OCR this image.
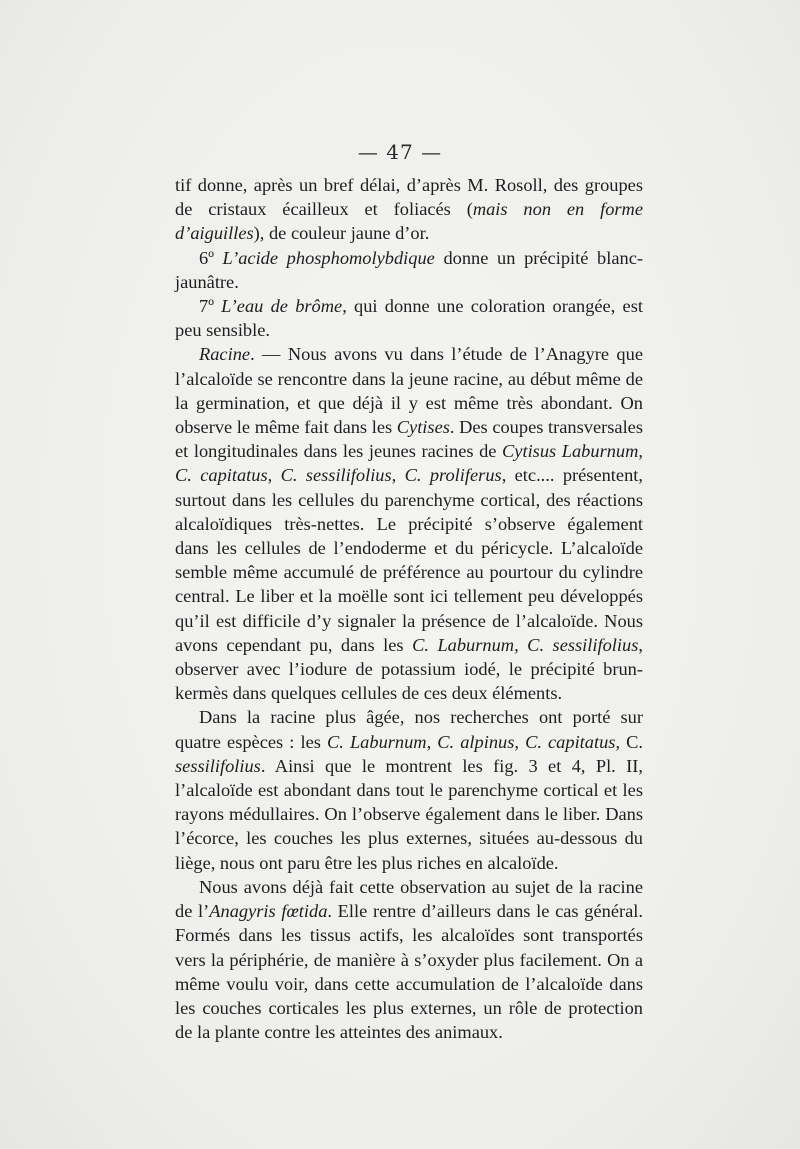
— 47 —

tif donne, après un bref délai, d’après M. Rosoll, des groupes de cristaux écailleux et foliacés (mais non en forme d’aiguilles), de couleur jaune d’or.

6º L’acide phosphomolybdique donne un précipité blanc-jaunâtre.

7º L’eau de brôme, qui donne une coloration orangée, est peu sensible.

Racine. — Nous avons vu dans l’étude de l’Anagyre que l’alcaloïde se rencontre dans la jeune racine, au début même de la germination, et que déjà il y est même très abondant. On observe le même fait dans les Cytises. Des coupes transversales et longitudinales dans les jeunes racines de Cytisus Laburnum, C. capitatus, C. sessilifolius, C. proliferus, etc.... présentent, surtout dans les cellules du parenchyme cortical, des réactions alcaloïdiques très-nettes. Le précipité s’observe également dans les cellules de l’endoderme et du péricycle. L’alcaloïde semble même accumulé de préférence au pourtour du cylindre central. Le liber et la moëlle sont ici tellement peu développés qu’il est difficile d’y signaler la présence de l’alcaloïde. Nous avons cependant pu, dans les C. Laburnum, C. sessilifolius, observer avec l’iodure de potassium iodé, le précipité brun-kermès dans quelques cellules de ces deux éléments.

Dans la racine plus âgée, nos recherches ont porté sur quatre espèces : les C. Laburnum, C. alpinus, C. capitatus, C. sessilifolius. Ainsi que le montrent les fig. 3 et 4, Pl. II, l’alcaloïde est abondant dans tout le parenchyme cortical et les rayons médullaires. On l’observe également dans le liber. Dans l’écorce, les couches les plus externes, situées au-dessous du liège, nous ont paru être les plus riches en alcaloïde.

Nous avons déjà fait cette observation au sujet de la racine de l’Anagyris fœtida. Elle rentre d’ailleurs dans le cas général. Formés dans les tissus actifs, les alcaloïdes sont transportés vers la périphérie, de manière à s’oxyder plus facilement. On a même voulu voir, dans cette accumulation de l’alcaloïde dans les couches corticales les plus externes, un rôle de protection de la plante contre les atteintes des animaux.
